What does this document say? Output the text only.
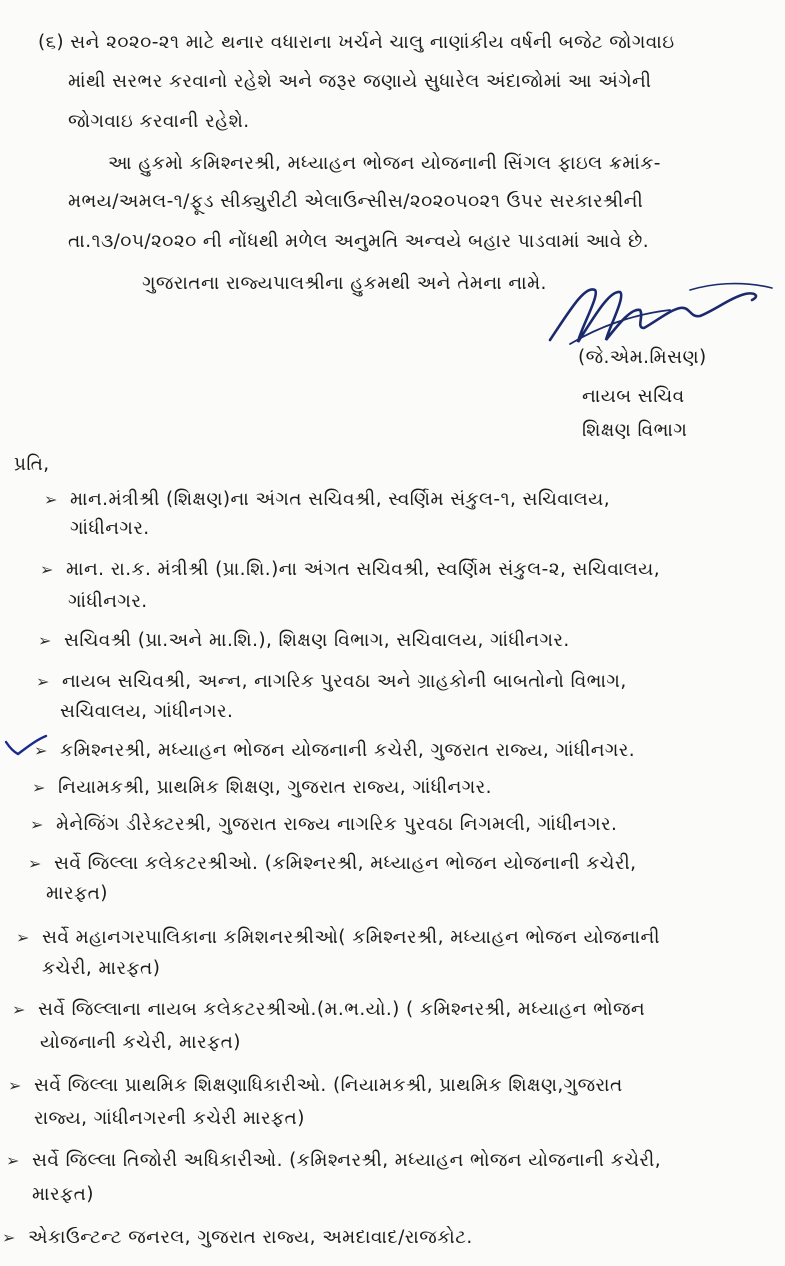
(૬) સને ૨૦૨૦-૨૧ માટે થનાર વધારાના ખર્ચને ચાલુ નાણાંકીય વર્ષની બજેટ જોગવાઇ
માંથી સરભર કરવાનો રહેશે અને જરૂર જણાયે સુધારેલ અંદાજોમાં આ અંગેની
જોગવાઇ કરવાની રહેશે.
આ હુકમો કમિશ્નરશ્રી, મધ્યાહન ભોજન યોજનાની સિંગલ ફાઇલ ક્રમાંક-
મભય/અમલ-૧/ફૂડ સીક્યુરીટી એલાઉન્સીસ/૨૦૨૦૫૦૨૧ ઉપર સરકારશ્રીની
તા.૧૩/૦૫/૨૦૨૦ ની નોંધથી મળેલ અનુમતિ અન્વયે બહાર પાડવામાં આવે છે.
ગુજરાતના રાજ્યપાલશ્રીના હુકમથી અને તેમના નામે.
(જે.એમ.મિસણ)
નાયબ સચિવ
શિક્ષણ વિભાગ
પ્રતિ,
➢ માન.મંત્રીશ્રી (શિક્ષણ)ના અંગત સચિવશ્રી, સ્વર્ણિમ સંકુલ-૧, સચિવાલય,
ગાંધીનગર.
➢ માન. રા.ક. મંત્રીશ્રી (પ્રા.શિ.)ના અંગત સચિવશ્રી, સ્વર્ણિમ સંકુલ-૨, સચિવાલય,
ગાંધીનગર.
➢ સચિવશ્રી (પ્રા.અને મા.શિ.), શિક્ષણ વિભાગ, સચિવાલય, ગાંધીનગર.
➢ નાયબ સચિવશ્રી, અન્ન, નાગરિક પુરવઠા અને ગ્રાહકોની બાબતોનો વિભાગ,
સચિવાલય, ગાંધીનગર.
➢ કમિશ્નરશ્રી, મધ્યાહન ભોજન યોજનાની કચેરી, ગુજરાત રાજ્ય, ગાંધીનગર.
➢ નિયામકશ્રી, પ્રાથમિક શિક્ષણ, ગુજરાત રાજ્ય, ગાંધીનગર.
➢ મેનેજિંગ ડીરેક્ટરશ્રી, ગુજરાત રાજ્ય નાગરિક પુરવઠા નિગમલી, ગાંધીનગર.
➢ સર્વે જિલ્લા કલેકટરશ્રીઓ. (કમિશ્નરશ્રી, મધ્યાહન ભોજન યોજનાની કચેરી,
મારફત)
➢ સર્વે મહાનગરપાલિકાના કમિશનરશ્રીઓ( કમિશ્નરશ્રી, મધ્યાહન ભોજન યોજનાની
કચેરી, મારફત)
➢ સર્વે જિલ્લાના નાયબ કલેકટરશ્રીઓ.(મ.ભ.યો.) ( કમિશ્નરશ્રી, મધ્યાહન ભોજન
યોજનાની કચેરી, મારફત)
➢ સર્વે જિલ્લા પ્રાથમિક શિક્ષણાધિકારીઓ. (નિયામકશ્રી, પ્રાથમિક શિક્ષણ,ગુજરાત
રાજ્ય, ગાંધીનગરની કચેરી મારફત)
➢ સર્વે જિલ્લા તિજોરી અધિકારીઓ. (કમિશ્નરશ્રી, મધ્યાહન ભોજન યોજનાની કચેરી,
મારફત)
➢ એકાઉન્ટન્ટ જનરલ, ગુજરાત રાજ્ય, અમદાવાદ/રાજકોટ.
